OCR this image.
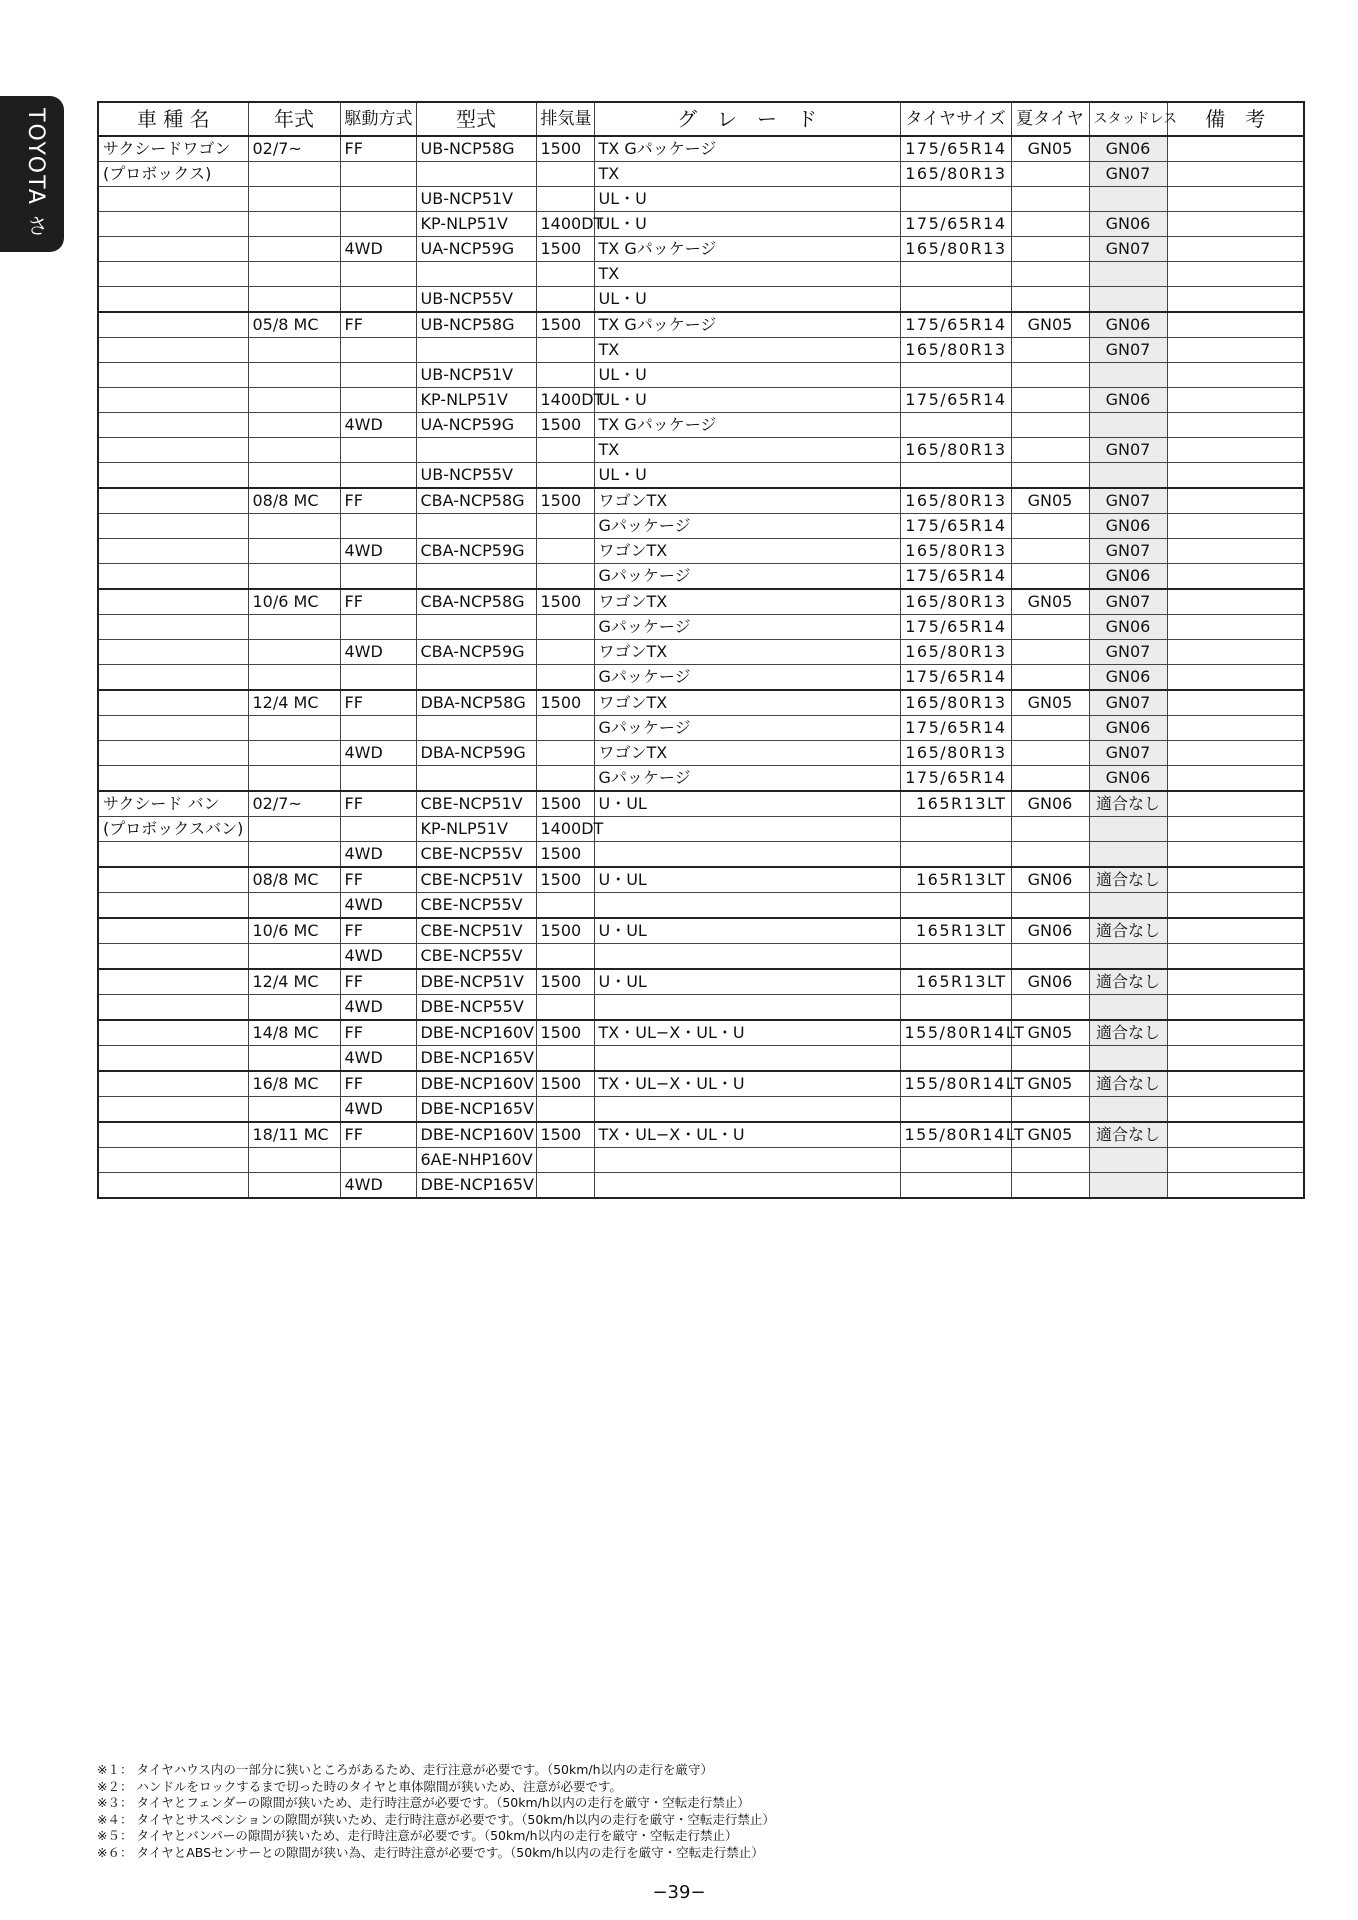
TOYOTA さ	車 種 名	年式	駆動方式	型式	排気量	グ　レ　ー　ド	タイヤサイズ	夏タイヤ	スタッドレス	備　考
サクシードワゴン	02/7~	FF	UB-NCP58G	1500	TX Gパッケージ	175/65R14	GN05	GN06	
(プロボックス)					TX	165/80R13		GN07	
			UB-NCP51V		UL・U				
			KP-NLP51V	1400DT	UL・U	175/65R14		GN06	
		4WD	UA-NCP59G	1500	TX Gパッケージ	165/80R13		GN07	
					TX				
			UB-NCP55V		UL・U				
	05/8 MC	FF	UB-NCP58G	1500	TX Gパッケージ	175/65R14	GN05	GN06	
					TX	165/80R13		GN07	
			UB-NCP51V		UL・U				
			KP-NLP51V	1400DT	UL・U	175/65R14		GN06	
		4WD	UA-NCP59G	1500	TX Gパッケージ				
					TX	165/80R13		GN07	
			UB-NCP55V		UL・U				
	08/8 MC	FF	CBA-NCP58G	1500	ワゴンTX	165/80R13	GN05	GN07	
					Gパッケージ	175/65R14		GN06	
		4WD	CBA-NCP59G		ワゴンTX	165/80R13		GN07	
					Gパッケージ	175/65R14		GN06	
	10/6 MC	FF	CBA-NCP58G	1500	ワゴンTX	165/80R13	GN05	GN07	
					Gパッケージ	175/65R14		GN06	
		4WD	CBA-NCP59G		ワゴンTX	165/80R13		GN07	
					Gパッケージ	175/65R14		GN06	
	12/4 MC	FF	DBA-NCP58G	1500	ワゴンTX	165/80R13	GN05	GN07	
					Gパッケージ	175/65R14		GN06	
		4WD	DBA-NCP59G		ワゴンTX	165/80R13		GN07	
					Gパッケージ	175/65R14		GN06	
サクシード バン	02/7~	FF	CBE-NCP51V	1500	U・UL	165R13LT	GN06	適合なし	
(プロボックスバン)			KP-NLP51V	1400DT					
		4WD	CBE-NCP55V	1500					
	08/8 MC	FF	CBE-NCP51V	1500	U・UL	165R13LT	GN06	適合なし	
		4WD	CBE-NCP55V						
	10/6 MC	FF	CBE-NCP51V	1500	U・UL	165R13LT	GN06	適合なし	
		4WD	CBE-NCP55V						
	12/4 MC	FF	DBE-NCP51V	1500	U・UL	165R13LT	GN06	適合なし	
		4WD	DBE-NCP55V						
	14/8 MC	FF	DBE-NCP160V	1500	TX・UL−X・UL・U	155/80R14LT	GN05	適合なし	
		4WD	DBE-NCP165V						
	16/8 MC	FF	DBE-NCP160V	1500	TX・UL−X・UL・U	155/80R14LT	GN05	適合なし	
		4WD	DBE-NCP165V						
	18/11 MC	FF	DBE-NCP160V	1500	TX・UL−X・UL・U	155/80R14LT	GN05	適合なし	
			6AE-NHP160V						
		4WD	DBE-NCP165V						
※１： タイヤハウス内の一部分に狭いところがあるため、走行注意が必要です。（50km/h以内の走行を厳守）
※２： ハンドルをロックするまで切った時のタイヤと車体隙間が狭いため、注意が必要です。
※３： タイヤとフェンダーの隙間が狭いため、走行時注意が必要です。（50km/h以内の走行を厳守・空転走行禁止）
※４： タイヤとサスペンションの隙間が狭いため、走行時注意が必要です。（50km/h以内の走行を厳守・空転走行禁止）
※５： タイヤとバンパーの隙間が狭いため、走行時注意が必要です。（50km/h以内の走行を厳守・空転走行禁止）
※６： タイヤとABSセンサーとの隙間が狭い為、走行時注意が必要です。（50km/h以内の走行を厳守・空転走行禁止）
−39−
